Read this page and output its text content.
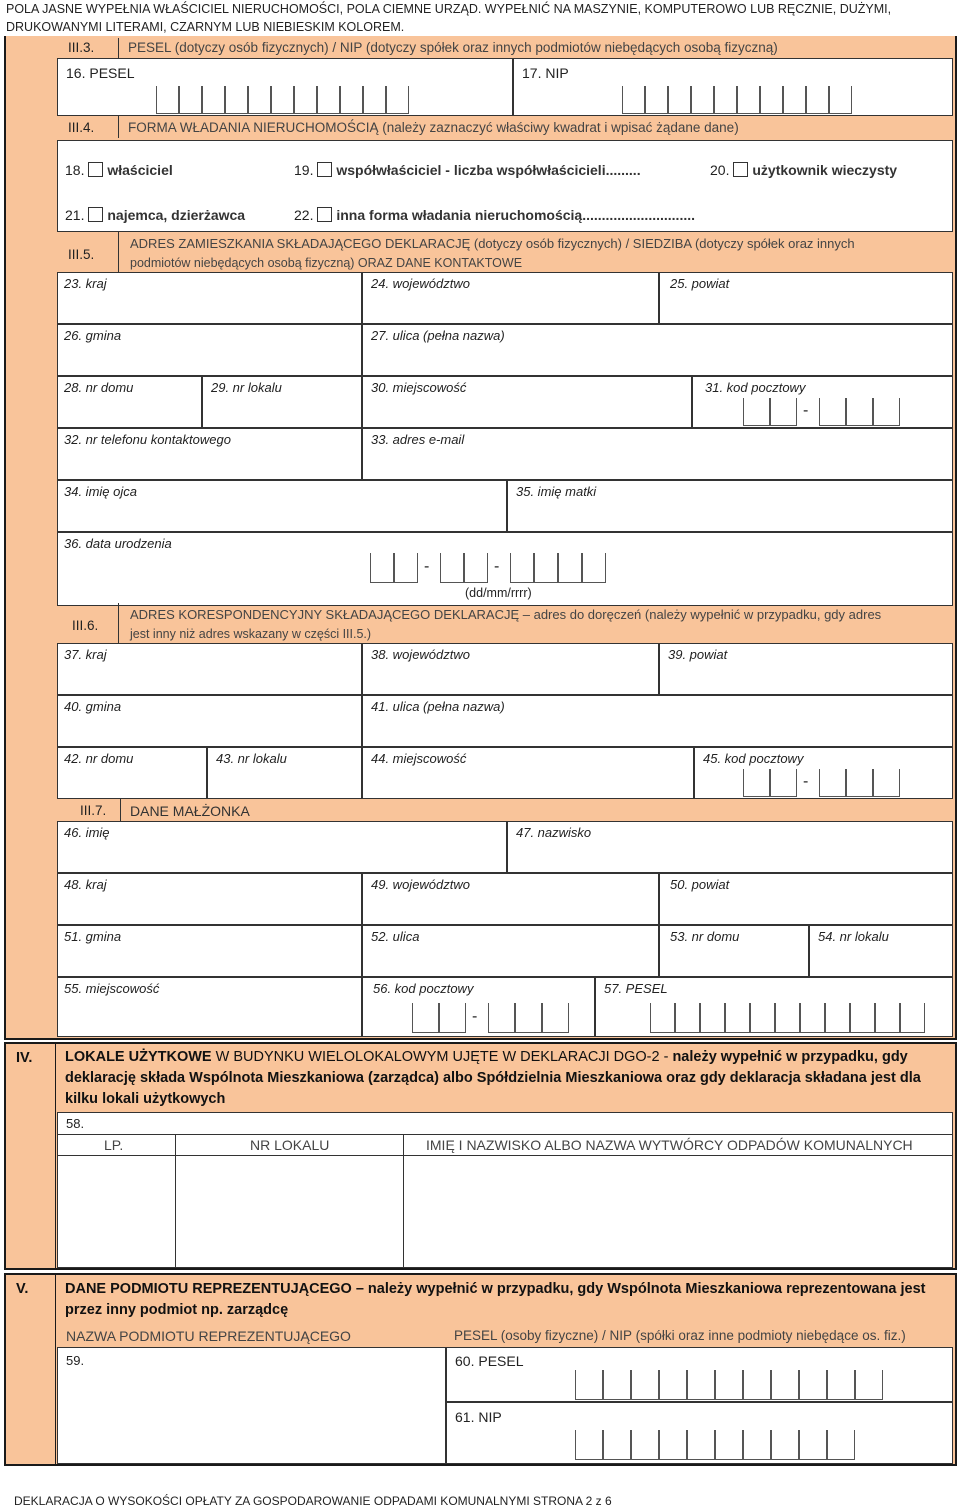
POLA JASNE WYPEŁNIA WŁAŚCICIEL NIERUCHOMOŚCI, POLA CIEMNE URZĄD. WYPEŁNIĆ NA MASZYNIE, KOMPUTEROWO LUB RĘCZNIE, DUŻYMI,
DRUKOWANYMI LITERAMI, CZARNYM LUB NIEBIESKIM KOLOREM.
III.3. PESEL (dotyczy osób fizycznych) / NIP (dotyczy spółek oraz innych podmiotów niebędących osobą fizyczną)
16. PESEL	17. NIP
III.4. FORMA WŁADANIA NIERUCHOMOŚCIĄ (należy zaznaczyć właściwy kwadrat i wpisać żądane dane)
18. właściciel	19. współwłaściciel - liczba współwłaścicieli.........	20. użytkownik wieczysty
21. najemca, dzierżawca	22. inna forma władania nieruchomością.............................
III.5.
ADRES ZAMIESZKANIA SKŁADAJĄCEGO DEKLARACJĘ (dotyczy osób fizycznych) / SIEDZIBA (dotyczy spółek oraz innych
podmiotów niebędących osobą fizyczną) ORAZ DANE KONTAKTOWE
23. kraj	24. województwo	25. powiat
26. gmina	27. ulica (pełna nazwa)
28. nr domu	29. nr lokalu	30. miejscowość	31. kod pocztowy
-
32. nr telefonu kontaktowego	33. adres e-mail
34. imię ojca	35. imię matki
36. data urodzenia
-	-
(dd/mm/rrrr)
III.6.
ADRES KORESPONDENCYJNY SKŁADAJĄCEGO DEKLARACJĘ – adres do doręczeń (należy wypełnić w przypadku, gdy adres
jest inny niż adres wskazany w części III.5.)
37. kraj	38. województwo	39. powiat
40. gmina	41. ulica (pełna nazwa)
42. nr domu	43. nr lokalu	44. miejscowość	45. kod pocztowy
-
III.7. DANE MAŁŻONKA
46. imię	47. nazwisko
48. kraj	49. województwo	50. powiat
51. gmina	52. ulica	53. nr domu	54. nr lokalu
55. miejscowość	56. kod pocztowy	57. PESEL
-
IV. LOKALE UŻYTKOWE W BUDYNKU WIELOLOKALOWYM UJĘTE W DEKLARACJI DGO-2 - należy wypełnić w przypadku, gdy
deklarację składa Wspólnota Mieszkaniowa (zarządca) albo Spółdzielnia Mieszkaniowa oraz gdy deklaracja składana jest dla
kilku lokali użytkowych
58.
LP.	NR LOKALU	IMIĘ I NAZWISKO ALBO NAZWA WYTWÓRCY ODPADÓW KOMUNALNYCH
V.	DANE PODMIOTU REPREZENTUJĄCEGO – należy wypełnić w przypadku, gdy Wspólnota Mieszkaniowa reprezentowana jest
przez inny podmiot np. zarządcę
NAZWA PODMIOTU REPREZENTUJĄCEGO	PESEL (osoby fizyczne) / NIP (spółki oraz inne podmioty niebędące os. fiz.)
59.	60. PESEL
61. NIP
DEKLARACJA O WYSOKOŚCI OPŁATY ZA GOSPODAROWANIE ODPADAMI KOMUNALNYMI STRONA 2 z 6
